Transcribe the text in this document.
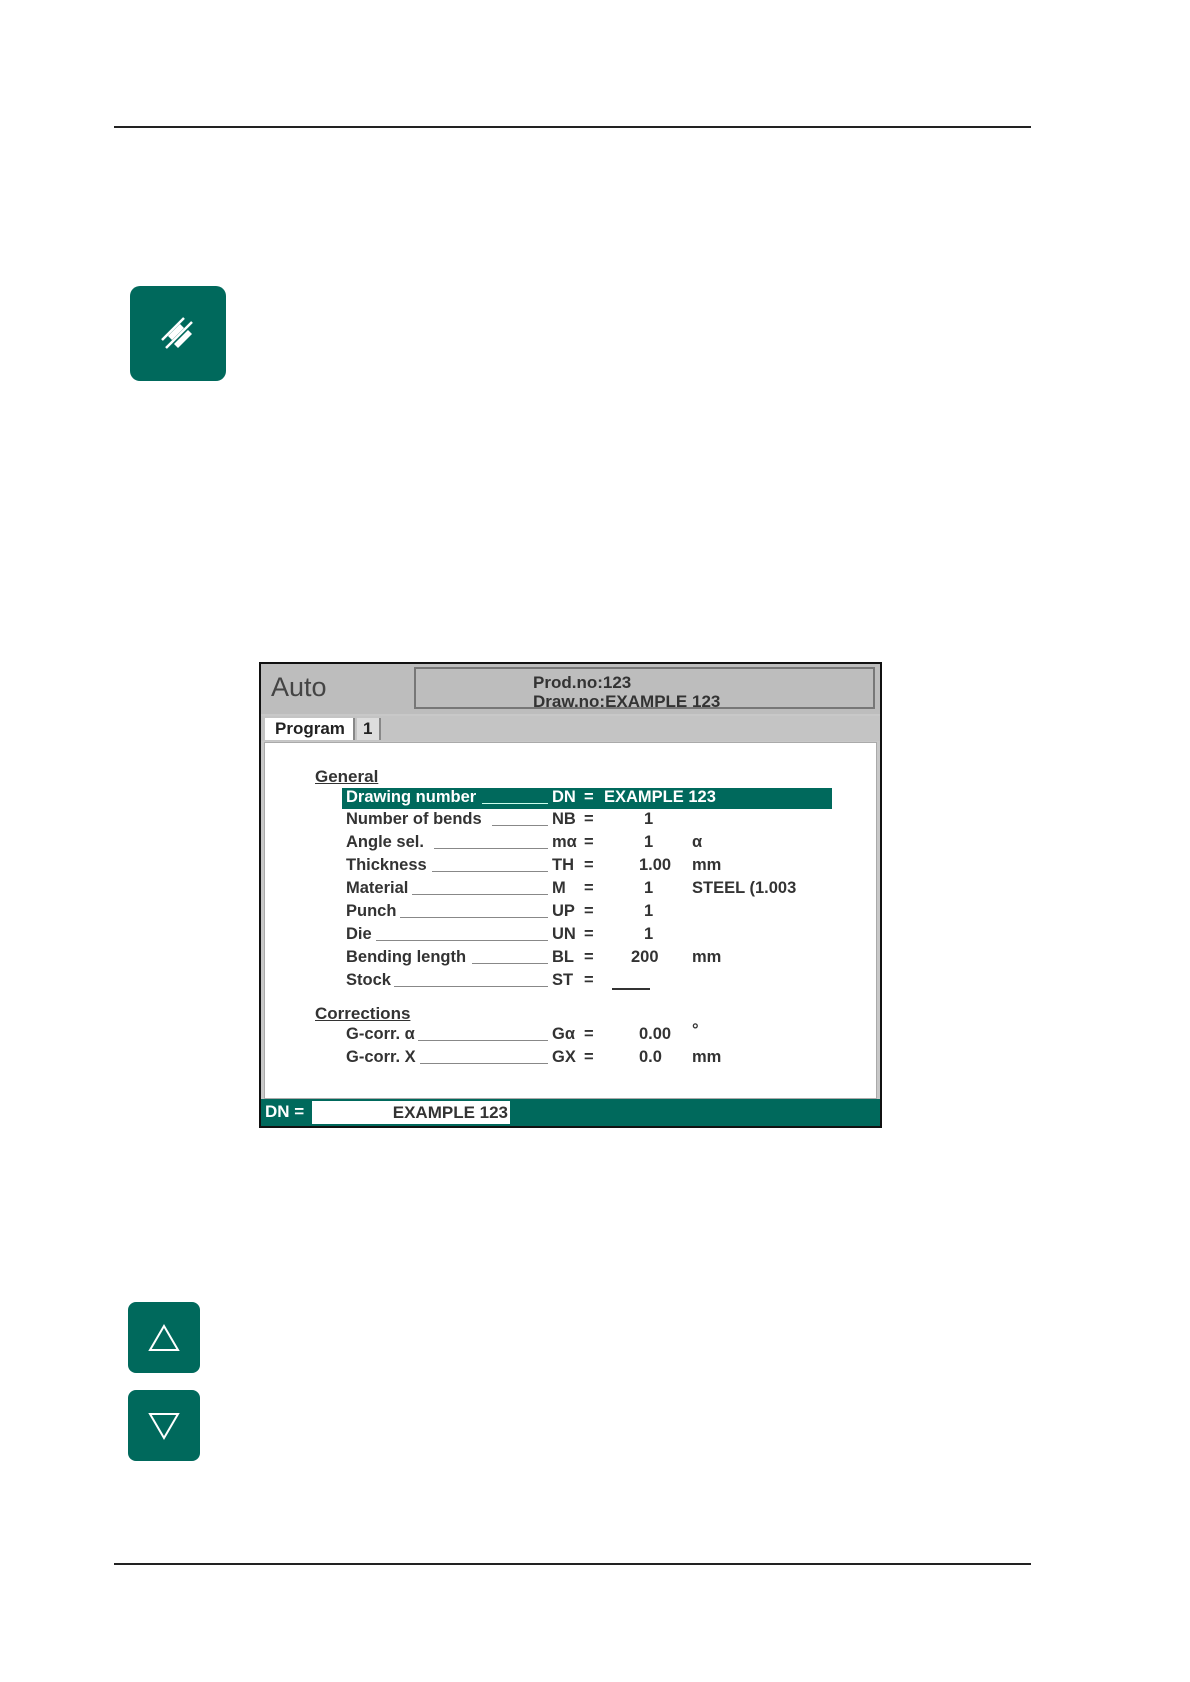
Auto	Prod.no:123
Draw.no:EXAMPLE 123
Program	1
General
Drawing number	DN = EXAMPLE 123
Number of bends	NB =	1
Angle sel.	mα =	1 α
Thickness	TH =	1.00 mm
Material	M =	1 STEEL (1.003
Punch	UP =	1
Die	UN =	1
Bending length	BL = 200 mm
Stock	ST =
Corrections
G-corr. α	Gα =	0.00 °
G-corr. X	GX =	0.0 mm
DN =	EXAMPLE 123
